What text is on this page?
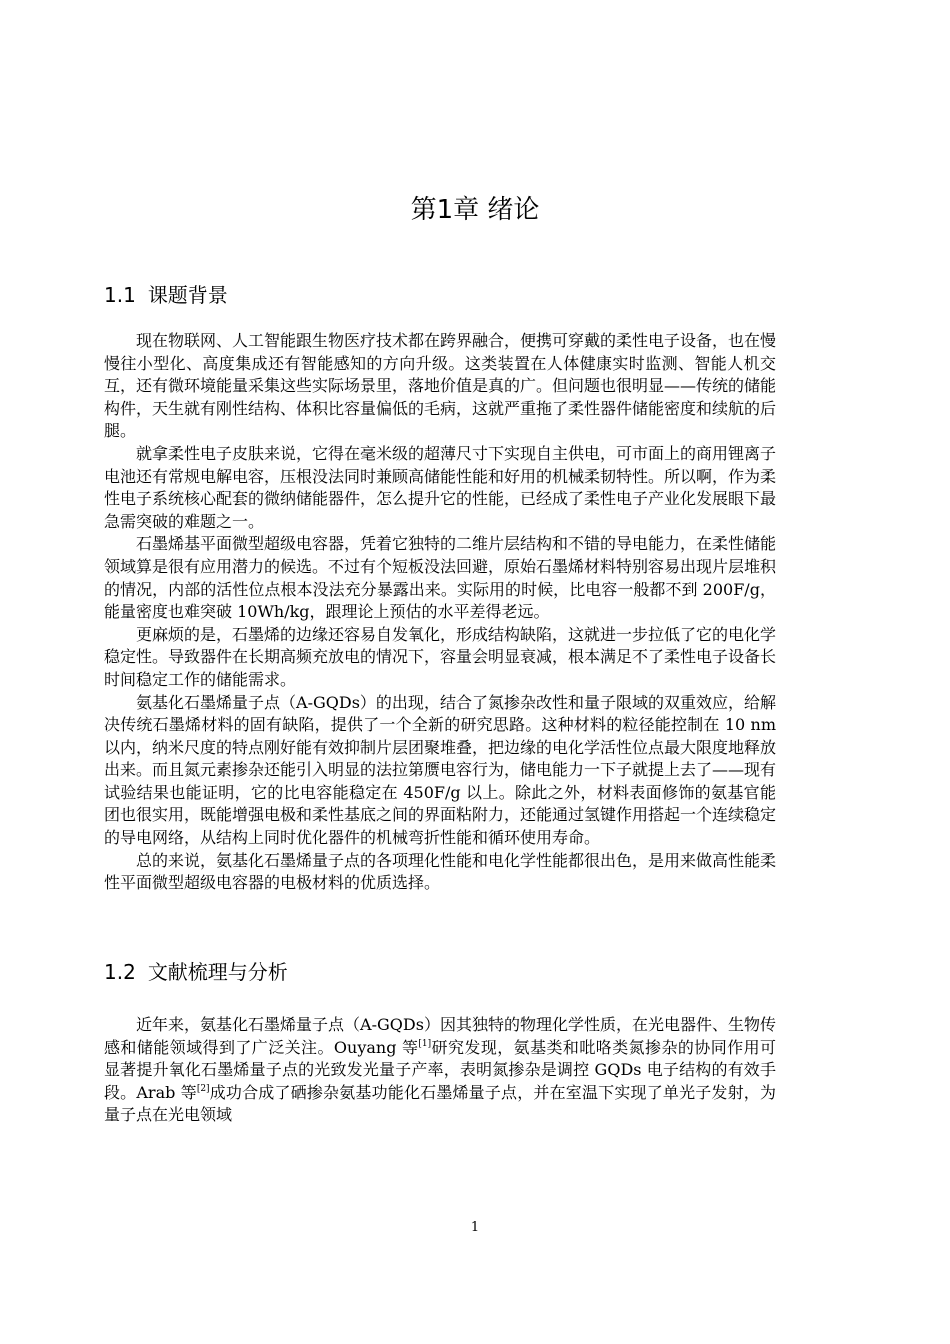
第1章 绪论
1.1 课题背景

现在物联网、人工智能跟生物医疗技术都在跨界融合，便携可穿戴的柔性电子设备，也在慢慢往小型化、高度集成还有智能感知的方向升级。这类装置在人体健康实时监测、智能人机交互，还有微环境能量采集这些实际场景里，落地价值是真的广。但问题也很明显——传统的储能构件，天生就有刚性结构、体积比容量偏低的毛病，这就严重拖了柔性器件储能密度和续航的后腿。

就拿柔性电子皮肤来说，它得在毫米级的超薄尺寸下实现自主供电，可市面上的商用锂离子电池还有常规电解电容，压根没法同时兼顾高储能性能和好用的机械柔韧特性。所以啊，作为柔性电子系统核心配套的微纳储能器件，怎么提升它的性能，已经成了柔性电子产业化发展眼下最急需突破的难题之一。

石墨烯基平面微型超级电容器，凭着它独特的二维片层结构和不错的导电能力，在柔性储能领域算是很有应用潜力的候选。不过有个短板没法回避，原始石墨烯材料特别容易出现片层堆积的情况，内部的活性位点根本没法充分暴露出来。实际用的时候，比电容一般都不到 200F/g，能量密度也难突破 10Wh/kg，跟理论上预估的水平差得老远。

更麻烦的是，石墨烯的边缘还容易自发氧化，形成结构缺陷，这就进一步拉低了它的电化学稳定性。导致器件在长期高频充放电的情况下，容量会明显衰减，根本满足不了柔性电子设备长时间稳定工作的储能需求。

氨基化石墨烯量子点（A-GQDs）的出现，结合了氮掺杂改性和量子限域的双重效应，给解决传统石墨烯材料的固有缺陷，提供了一个全新的研究思路。这种材料的粒径能控制在 10 nm 以内，纳米尺度的特点刚好能有效抑制片层团聚堆叠，把边缘的电化学活性位点最大限度地释放出来。而且氮元素掺杂还能引入明显的法拉第赝电容行为，储电能力一下子就提上去了——现有试验结果也能证明，它的比电容能稳定在 450F/g 以上。除此之外，材料表面修饰的氨基官能团也很实用，既能增强电极和柔性基底之间的界面粘附力，还能通过氢键作用搭起一个连续稳定的导电网络，从结构上同时优化器件的机械弯折性能和循环使用寿命。

总的来说，氨基化石墨烯量子点的各项理化性能和电化学性能都很出色，是用来做高性能柔性平面微型超级电容器的电极材料的优质选择。

1.2 文献梳理与分析

近年来，氨基化石墨烯量子点（A-GQDs）因其独特的物理化学性质，在光电器件、生物传感和储能领域得到了广泛关注。Ouyang 等[1]研究发现，氨基类和吡咯类氮掺杂的协同作用可显著提升氧化石墨烯量子点的光致发光量子产率，表明氮掺杂是调控 GQDs 电子结构的有效手段。Arab 等[2]成功合成了硒掺杂氨基功能化石墨烯量子点，并在室温下实现了单光子发射，为量子点在光电领域

1
